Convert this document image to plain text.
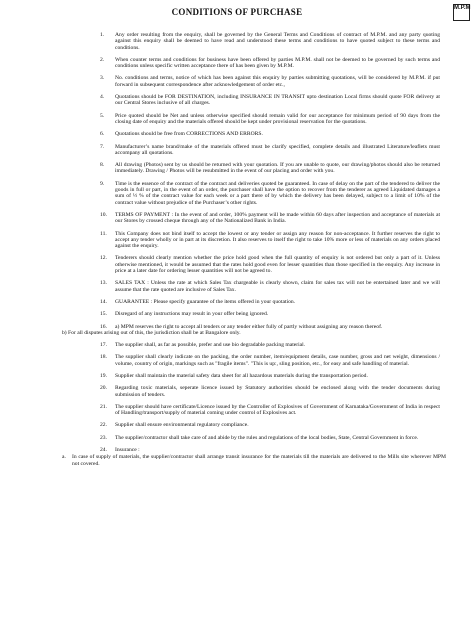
M.P.M
CONDITIONS OF PURCHASE
1.	Any order resulting from the enquiry, shall be governed by the General Terms and Conditions of contract of M.P.M. and any party quoting against this enquiry shall be deemed to have read and understood these terms and conditions to have quoted subject to these terms and conditions.
2.	When counter terms and conditions for business have been offered by parties M.P.M. shall not be deemed to be governed by such terms and conditions unless specific written acceptance there of has been given by M.P.M.
3.	No. conditions and terms, notice of which has been against this enquiry by parties submitting quotations, will be considered by M.P.M. if put forward in subsequent correspondence after acknowledgement of order etc.,
4.	Quotations should be FOR DESTINATION, including INSURANCE IN TRANSIT upto destination Local firms should quote FOR delivery at our Central Stores inclusive of all charges.
5.	Price quoted should be Net and unless otherwise specified should remain valid for our acceptance for minimum period of 90 days from the closing date of enquiry and the materials offered should be kept under provisional reservation for the quotations.
6.	Quotations should be free from CORRECTIONS AND ERRORS.
7.	Manufacturer’s name brand/make of the materials offered must be clarify specified, complete details and illustrated Literature/leaflets must accompany all quotations.
8.	All drawing (Photos) sent by us should be returned with your quotation. If you are unable to quote, our drawing/photos should also be returned immediately. Drawing / Photos will be resubmitted in the event of our placing and order with you.
9.	Time is the essence of the contract of the contract and deliveries quoted be guaranteed. In case of delay on the part of the tendered to deliver the goods in full or part, in the event of an order, the purchaser shall have the option to recover from the tenderer as agreed Liquidated damages a sum of ½ % of the contract value for each week or a part there of by which the delivery has been delayed, subject to a limit of 10% of the contract value without prejudice of the Purchaser’s other rights.
10.	TERMS OF PAYMENT : In the event of and order, 100% payment will be made within 60 days after inspection and acceptance of materials at our Stores by crossed cheque through any of the Nationalized Bank in India.
11.	This Company does not bind itself to accept the lowest or any tender or assign any reason for non-acceptance. It further reserves the right to accept any tender wholly or in part at its discretion. It also reserves to itself the right to take 10% more or less of materials on any orders placed against the enquiry.
12.	Tenderers should clearly mention whether the price hold good when the full quantity of enquiry is not ordered but only a part of it. Unless otherwise mentioned, it would be assumed that the rates hold good even for lesser quantities than those specified in the enquiry. Any increase in price at a later date for ordering lesser quantities will not be agreed to.
13.	SALES TAX : Unless the rate at which Sales Tax chargeable is clearly shown, claim for sales tax will not be entertained later and we will assume that the rate quoted are inclusive of Sales Tax.
14.	GUARANTEE : Please specify guarantee of the items offered in your quotation.
15.	Disregard of any instructions may result in your offer being ignored.
16.	a) MPM reserves the right to accept all tenders or any tender either fully of partly without assigning any reason thereof.
b) For all disputes arising out of this, the jurisdiction shall be at Bangalore only.
17.	The supplier shall, as far as possible, prefer and use bio degradable packing material.
18.	The supplier shall clearly indicate on the packing, the order number, item/equipment details, case number, gross and net weight, dimensions / volume, country of origin, markings such as "fragile items". "This is up:, sling position, etc., for easy and safe handling of material.
19.	Supplier shall maintain the material safety data sheet for all hazardous materials during the transportation period.
20.	Regarding toxic materials, seperate licence issued by Statutory authorities should be enclosed along with the tender documents during submission of tenders.
21.	The supplier should have certificate/Licence issued by the Controller of Explosives of Government of Karnataka/Government of India in respect of Handling/transport/supply of material coming under control of Explosives act.
22.	Supplier shall ensure environmental regulatory compliance.
23.	The supplier/contractor shall take care of and abide by the rules and regulations of the local bodies, State, Central Government in force.
24.	Insurance :
a.	In case of supply of materials, the supplier/contractor shall arrange transit insurance for the materials till the materials are delivered to the Mills site wherever MPM not covered.
